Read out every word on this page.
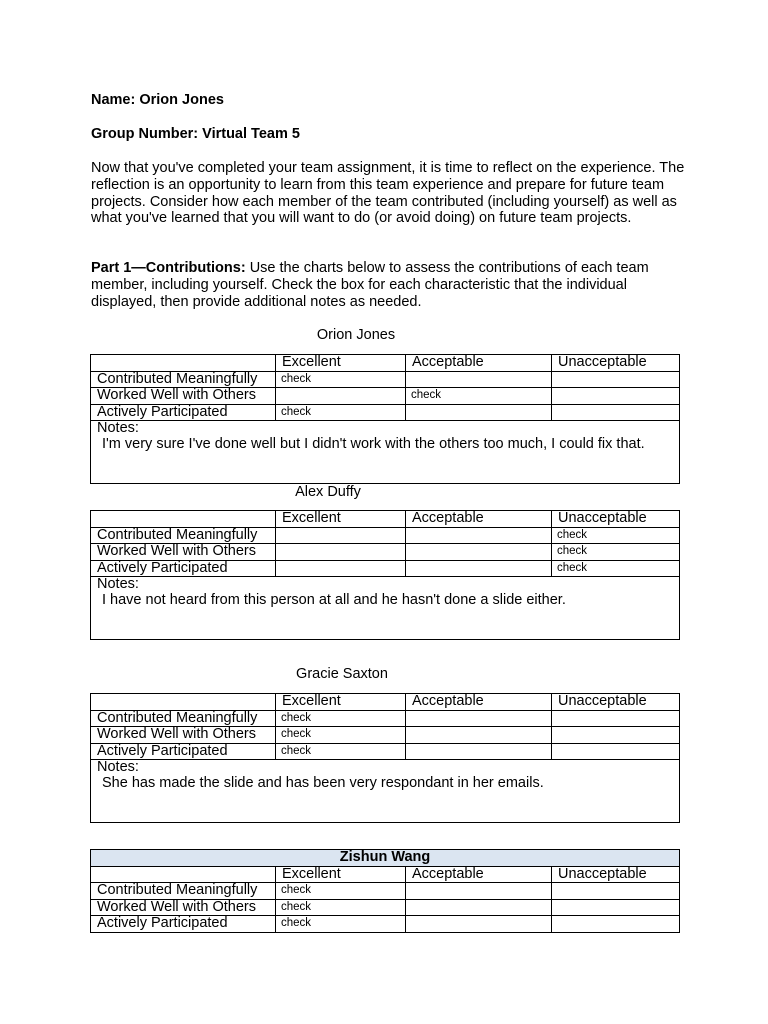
Name: Orion Jones
Group Number: Virtual Team 5
Now that you've completed your team assignment, it is time to reflect on the experience. The reflection is an opportunity to learn from this team experience and prepare for future team projects. Consider how each member of the team contributed (including yourself) as well as what you've learned that you will want to do (or avoid doing) on future team projects.
Part 1—Contributions: Use the charts below to assess the contributions of each team member, including yourself. Check the box for each characteristic that the individual displayed, then provide additional notes as needed.
Orion Jones
	Excellent	Acceptable	Unacceptable
Contributed Meaningfully	check		
Worked Well with Others		check	
Actively Participated	check		

Notes:
I'm very sure I've done well but I didn't work with the others too much, I could fix that.			
Alex Duffy
	Excellent	Acceptable	Unacceptable
Contributed Meaningfully			check
Worked Well with Others			check
Actively Participated			check

Notes:
I have not heard from this person at all and he hasn't done a slide either.			
Gracie Saxton
	Excellent	Acceptable	Unacceptable
Contributed Meaningfully	check		
Worked Well with Others	check		
Actively Participated	check		

Notes:
She has made the slide and has been very respondant in her emails.			
Zishun Wang			
	Excellent	Acceptable	Unacceptable
Contributed Meaningfully	check		
Worked Well with Others	check		
Actively Participated	check		
